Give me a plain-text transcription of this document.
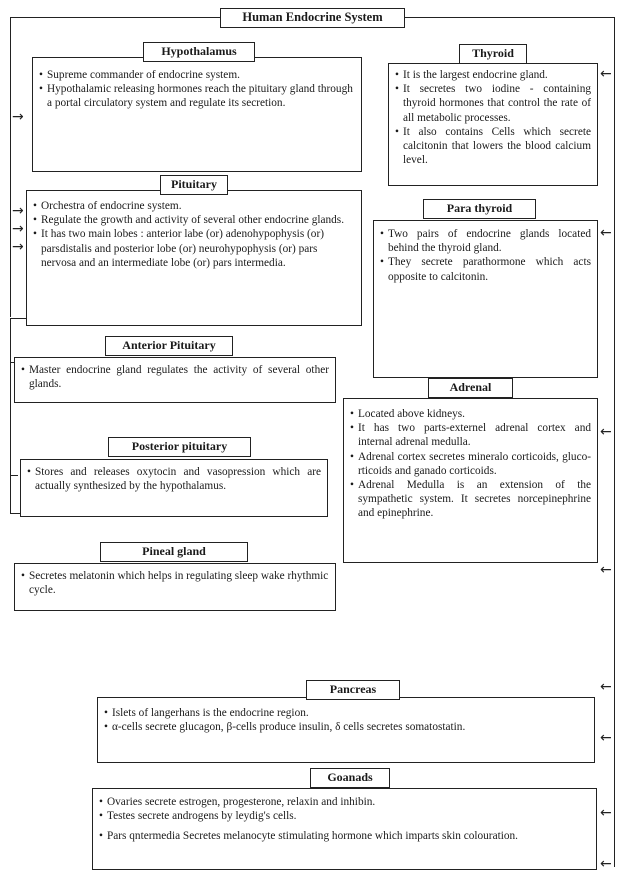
→
→
→
→
←
←
←
←
←
←
←
←
Human Endocrine System
• Supreme commander of endocrine system.
• Hypothalamic releasing hormones reach the pituitary gland through a portal circulatory system and regulate its secretion.
Hypothalamus
• Orchestra of endocrine system.
• Regulate the growth and activity of several other endocrine glands.
• It has two main lobes : anterior labe (or) adenohypophysis (or) parsdistalis and posterior lobe (or) neurohypophysis (or) pars nervosa and an intermediate lobe (or) pars intermedia.
Pituitary
• Master endocrine gland regulates the activity of several other glands.
Anterior Pituitary
• Stores and releases oxytocin and vasopression which are actually synthesized by the hypothalamus.
Posterior pituitary
• Secretes melatonin which helps in regulating sleep wake rhythmic cycle.
Pineal gland
• It is the largest endocrine gland.
• It secretes two iodine - containing thyroid hormones that control the rate of all metabolic processes.
• It also contains Cells which secrete calcitonin that lowers the blood calcium level.
Thyroid
• Two pairs of endocrine glands located behind the thyroid gland.
• They secrete parathormone which acts opposite to calcitonin.
Para thyroid
• Located above kidneys.
• It has two parts-externel adrenal cortex and internal adrenal medulla.
• Adrenal cortex secretes mineralo corticoids, gluco-rticoids and ganado corticoids.
• Adrenal Medulla is an extension of the sympathetic system. It secretes norcepinephrine and epinephrine.
Adrenal
• Islets of langerhans is the endocrine region.
• α-cells secrete glucagon, β-cells produce insulin, δ cells secretes somatostatin.
Pancreas
• Ovaries secrete estrogen, progesterone, relaxin and inhibin.
• Testes secrete androgens by leydig's cells.
• Pars qntermedia Secretes melanocyte stimulating hormone which imparts skin colouration.
Goanads
